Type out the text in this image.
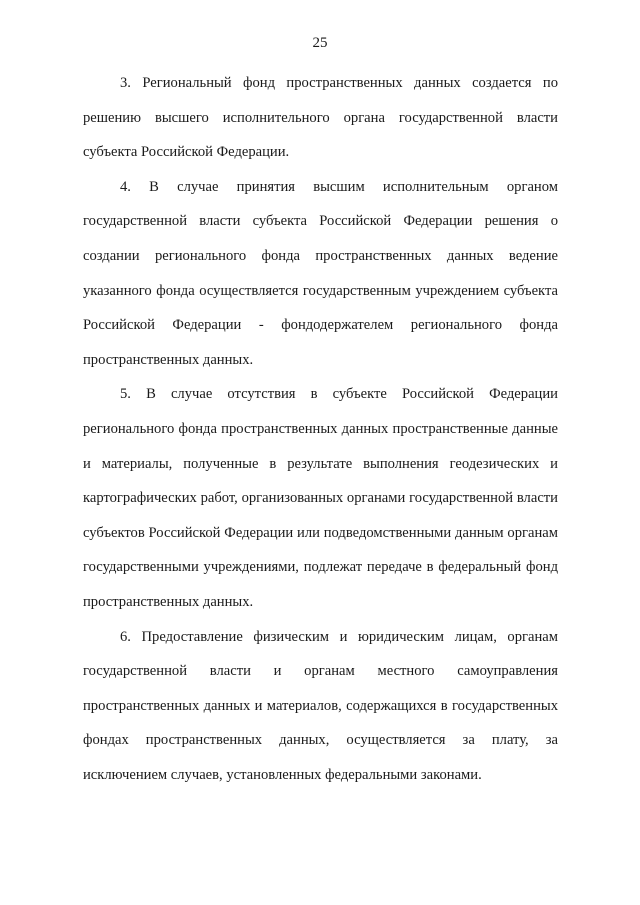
25

3. Региональный фонд пространственных данных создается по решению высшего исполнительного органа государственной власти субъекта Российской Федерации.

4. В случае принятия высшим исполнительным органом государственной власти субъекта Российской Федерации решения о создании регионального фонда пространственных данных ведение указанного фонда осуществляется государственным учреждением субъекта Российской Федерации - фондодержателем регионального фонда пространственных данных.

5. В случае отсутствия в субъекте Российской Федерации регионального фонда пространственных данных пространственные данные и материалы, полученные в результате выполнения геодезических и картографических работ, организованных органами государственной власти субъектов Российской Федерации или подведомственными данным органам государственными учреждениями, подлежат передаче в федеральный фонд пространственных данных.

6. Предоставление физическим и юридическим лицам, органам государственной власти и органам местного самоуправления пространственных данных и материалов, содержащихся в государственных фондах пространственных данных, осуществляется за плату, за исключением случаев, установленных федеральными законами.
